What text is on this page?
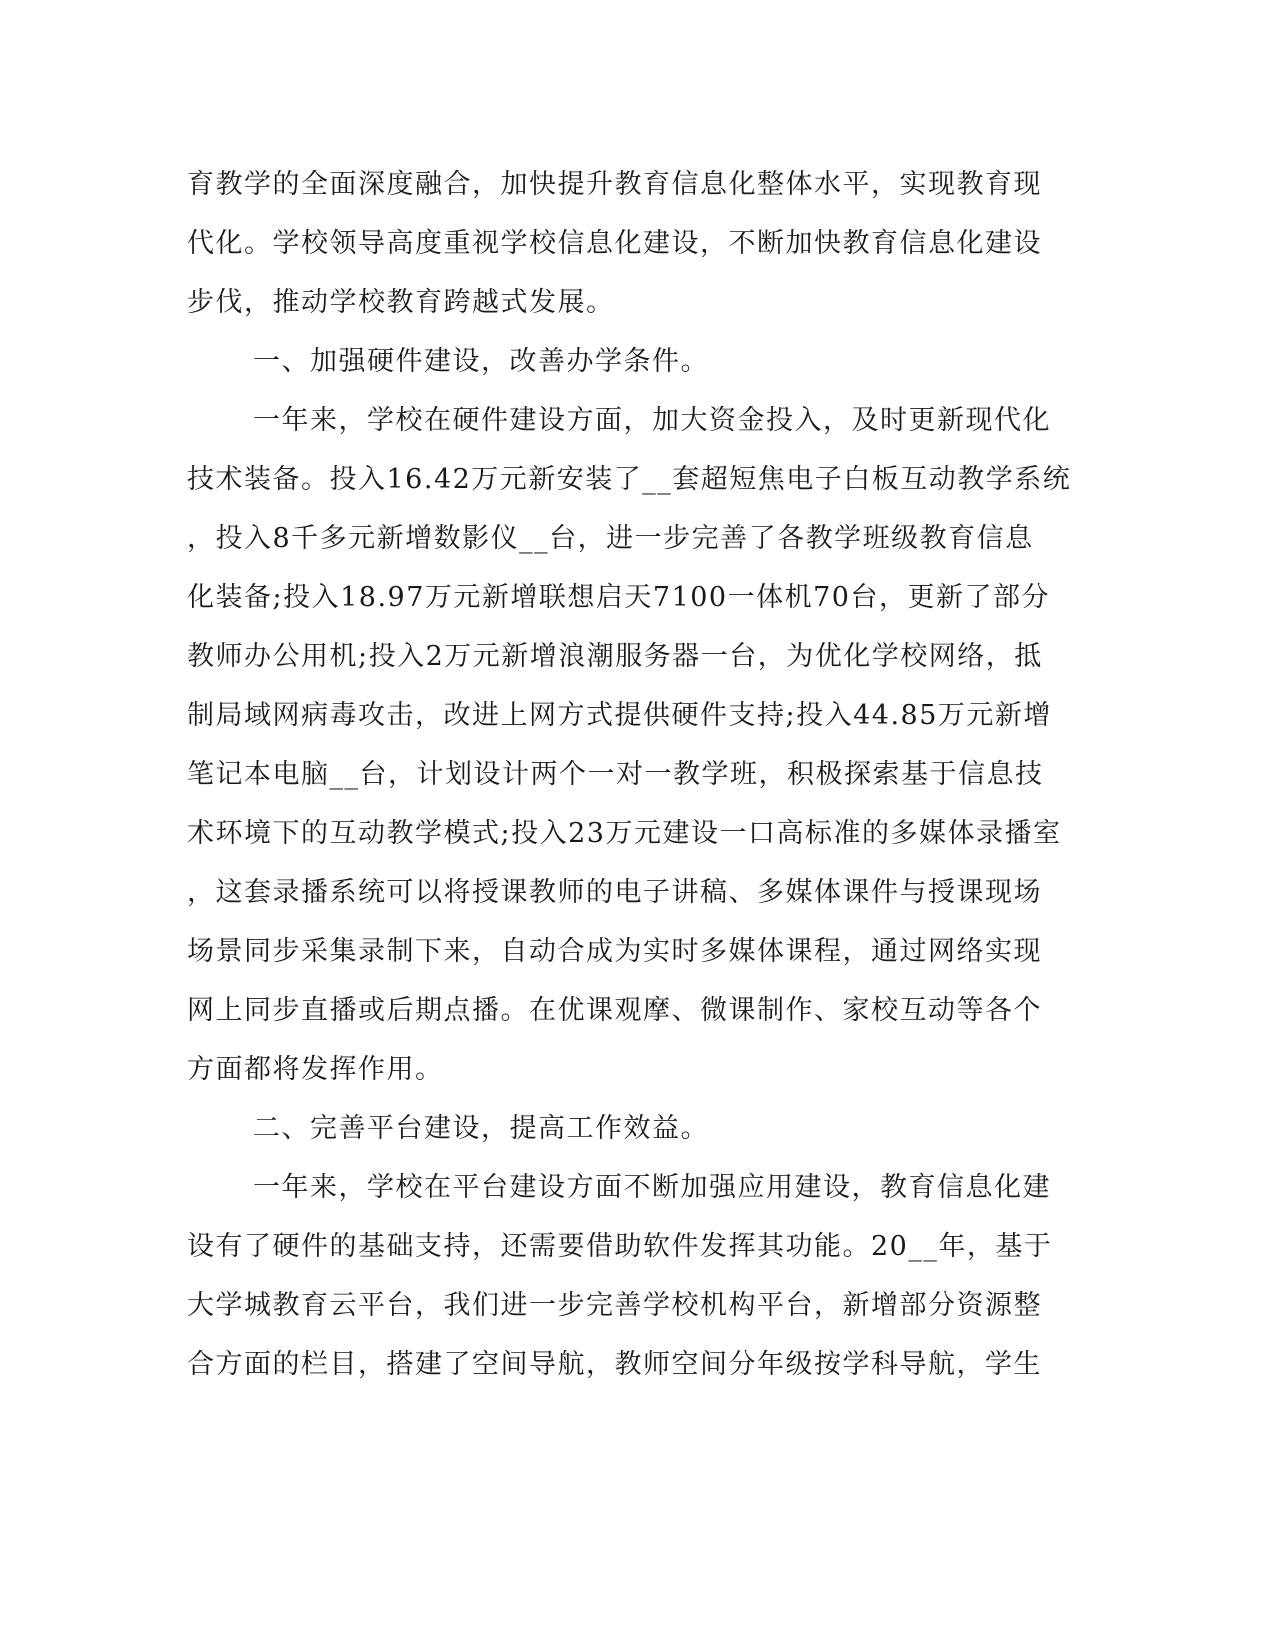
育教学的全面深度融合，加快提升教育信息化整体水平，实现教育现
代化。学校领导高度重视学校信息化建设，不断加快教育信息化建设
步伐，推动学校教育跨越式发展。
一、加强硬件建设，改善办学条件。
一年来，学校在硬件建设方面，加大资金投入，及时更新现代化
技术装备。投入16.42万元新安装了__套超短焦电子白板互动教学系统
，投入8千多元新增数影仪__台，进一步完善了各教学班级教育信息
化装备;投入18.97万元新增联想启天7100一体机70台，更新了部分
教师办公用机;投入2万元新增浪潮服务器一台，为优化学校网络，抵
制局域网病毒攻击，改进上网方式提供硬件支持;投入44.85万元新增
笔记本电脑__台，计划设计两个一对一教学班，积极探索基于信息技
术环境下的互动教学模式;投入23万元建设一口高标准的多媒体录播室
，这套录播系统可以将授课教师的电子讲稿、多媒体课件与授课现场
场景同步采集录制下来，自动合成为实时多媒体课程，通过网络实现
网上同步直播或后期点播。在优课观摩、微课制作、家校互动等各个
方面都将发挥作用。
二、完善平台建设，提高工作效益。
一年来，学校在平台建设方面不断加强应用建设，教育信息化建
设有了硬件的基础支持，还需要借助软件发挥其功能。20__年，基于
大学城教育云平台，我们进一步完善学校机构平台，新增部分资源整
合方面的栏目，搭建了空间导航，教师空间分年级按学科导航，学生
